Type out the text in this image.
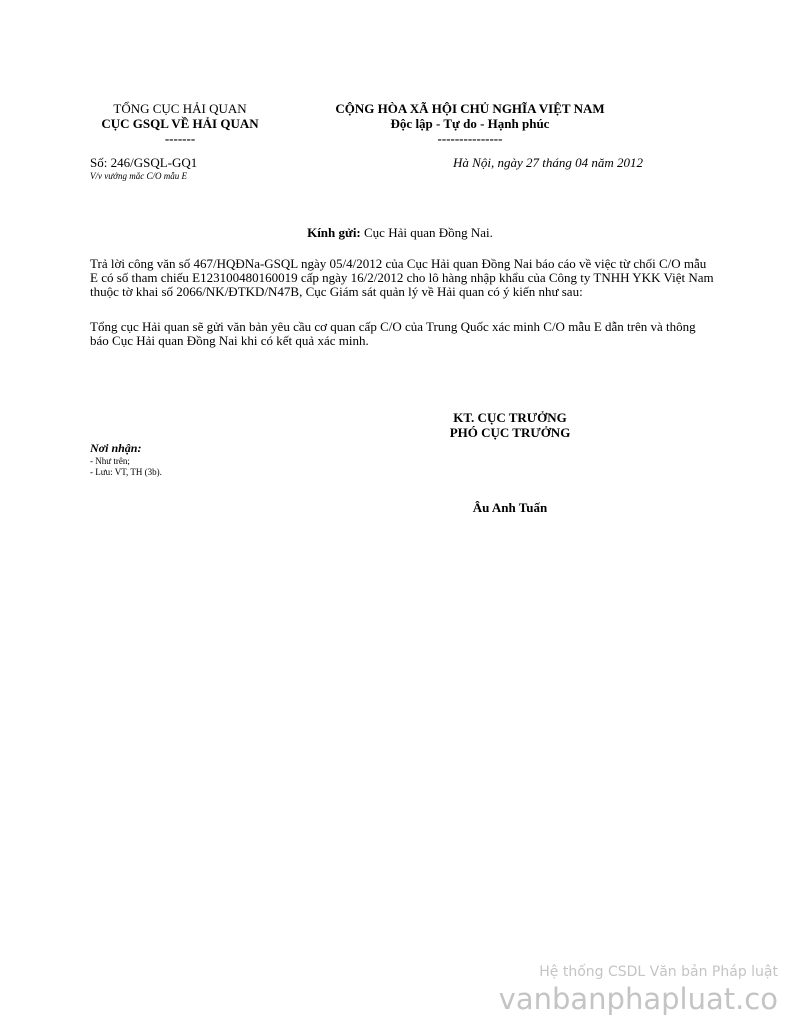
TỔNG CỤC HẢI QUAN
CỤC GSQL VỀ HẢI QUAN
-------
CỘNG HÒA XÃ HỘI CHỦ NGHĨA VIỆT NAM
Độc lập - Tự do - Hạnh phúc
---------------
Số: 246/GSQL-GQ1
V/v vướng mắc C/O mẫu E
Hà Nội, ngày 27 tháng 04 năm 2012
Kính gửi: Cục Hải quan Đồng Nai.
Trả lời công văn số 467/HQĐNa-GSQL ngày 05/4/2012 của Cục Hải quan Đồng Nai báo cáo về việc từ chối C/O mẫu E có số tham chiếu E123100480160019 cấp ngày 16/2/2012 cho lô hàng nhập khẩu của Công ty TNHH YKK Việt Nam thuộc tờ khai số 2066/NK/ĐTKD/N47B, Cục Giám sát quản lý về Hải quan có ý kiến như sau:
Tổng cục Hải quan sẽ gửi văn bản yêu cầu cơ quan cấp C/O của Trung Quốc xác minh C/O mẫu E dẫn trên và thông báo Cục Hải quan Đồng Nai khi có kết quả xác minh.
KT. CỤC TRƯỞNG
PHÓ CỤC TRƯỞNG
Âu Anh Tuấn
Nơi nhận:
- Như trên;
- Lưu: VT, TH (3b).
Hệ thống CSDL Văn bản Pháp luật
vanbanphapluat.co
